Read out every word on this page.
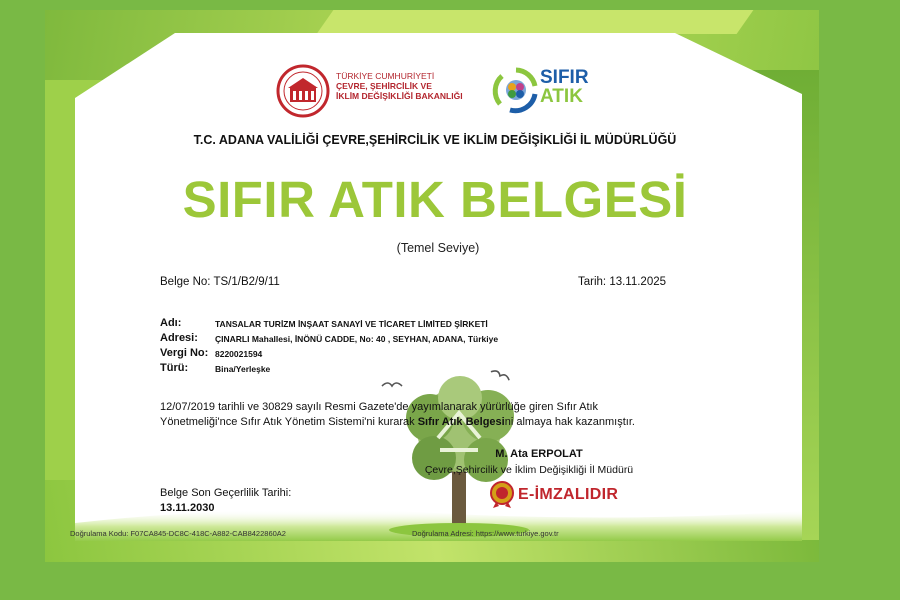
TÜRKİYE CUMHURİYETİ
ÇEVRE, ŞEHİRCİLİK VE
İKLİM DEĞİŞİKLİĞİ BAKANLIĞI
SIFIR
ATIK
T.C. ADANA VALİLİĞİ ÇEVRE,ŞEHİRCİLİK VE İKLİM DEĞİŞİKLİĞİ İL MÜDÜRLÜĞÜ
SIFIR ATIK BELGESİ
(Temel Seviye)
Belge No: TS/1/B2/9/11	Tarih: 13.11.2025
Adı:	TANSALAR TURİZM İNŞAAT SANAYİ VE TİCARET LİMİTED ŞİRKETİ
Adresi: ÇINARLI Mahallesi, İNÖNÜ CADDE, No: 40 , SEYHAN, ADANA, Türkiye
Vergi No: 8220021594
Türü:	Bina/Yerleşke
12/07/2019 tarihli ve 30829 sayılı Resmi Gazete'de yayımlanarak yürürlüğe giren Sıfır Atık
Yönetmeliği'nce Sıfır Atık Yönetim Sistemi'ni kurarak Sıfır Atık Belgesini almaya hak kazanmıştır.
M. Ata ERPOLAT
Çevre,Şehircilik ve İklim Değişikliği İl Müdürü
E-İMZALIDIR
Belge Son Geçerlilik Tarihi:
13.11.2030
Doğrulama Kodu: F07CA845-DC8C-418C-A882-CAB8422860A2	Doğrulama Adresi: https://www.turkiye.gov.tr
